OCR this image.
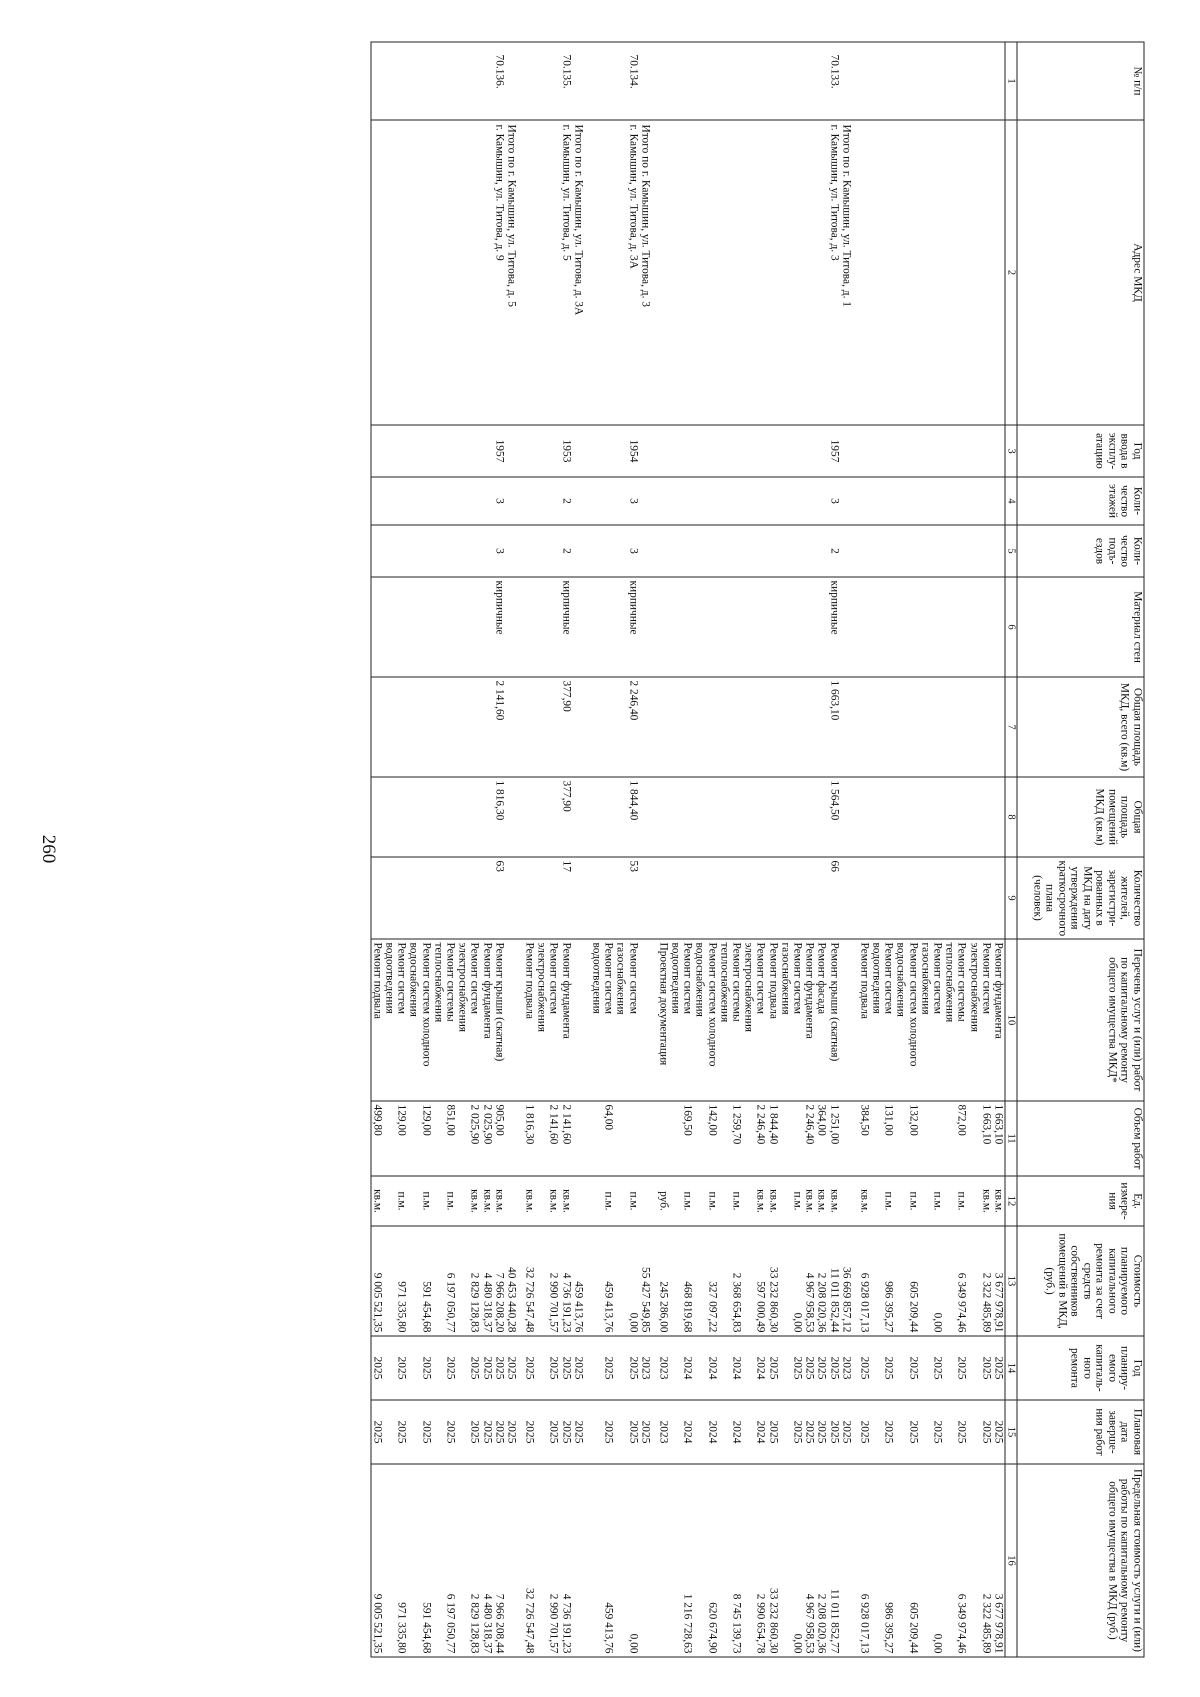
260
№ п/п	Адрес МКД	Год ввода в эксплу-атацию	Коли-чество этажей	Коли-чество подъ-ездов	Материал стен	Общая площадь МКД, всего (кв.м)	Общая площадь помещений МКД (кв.м)	Количество жителей, зарегистри-рованных в МКД на дату утверждения краткосрочного плана (человек)	Перечень услуг и (или) работ по капитальному ремонту общего имущества МКД*	Объем работ	Ед. измере-ния	Стоимость планируемого капитального ремонта за счет средств собственников помещений в МКД, (руб.)	Год планиру-емого капиталь-ного ремонта	Плановая дата заверше-ния работ	Предельная стоимость услуги и (или) работы по капитальному ремонту общего имущества в МКД (руб.)
1	2	3	4	5	6	7	8	9	10	11	12	13	14	15	16
									Ремонт фундамента	1 663,10	кв.м.	3 677 978,91	2025	2025	3 677 978,91
									Ремонт систем	1 663,10	кв.м.	2 322 485,89	2025	2025	2 322 485,89
									электроснабжения						
									Ремонт системы	872,00	п.м.	6 349 974,46	2025	2025	6 349 974,46
									теплоснабжения						
									Ремонт систем		п.м.	0,00	2025	2025	0,00
									газоснабжения						
									Ремонт систем холодного	132,00	п.м.	605 209,44	2025	2025	605 209,44
									водоснабжения						
									Ремонт систем	131,00	п.м.	986 395,27	2025	2025	986 395,27
									водоотведения						
									Ремонт подвала	384,50	кв.м.	6 928 017,13	2025	2025	6 928 017,13
	Итого по г. Камышин, ул. Титова, д. 1											36 669 857,12	2023	2025	
70.133.	г. Камышин, ул. Титова, д. 3	1957	3	2	кирпичные	1 663,10	1 564,50	66	Ремонт крыши (скатная)	1 251,00	кв.м.	11 011 852,44	2025	2025	11 011 852,77
									Ремонт фасада	364,00	кв.м.	2 208 020,36	2025	2025	2 208 020,36
									Ремонт фундамента	2 246,40	кв.м.	4 967 958,53	2025	2025	4 967 958,53
									Ремонт систем		п.м.	0,00	2025	2025	0,00
									газоснабжения						
									Ремонт подвала	1 844,40	кв.м.	33 232 860,30	2025	2025	33 232 860,30
									Ремонт систем	2 246,40	кв.м.	597 000,49	2024	2024	2 990 654,78
									электроснабжения						
									Ремонт системы	1 259,70	п.м.	2 368 654,83	2024	2024	8 745 139,73
									теплоснабжения						
									Ремонт систем холодного	142,00	п.м.	327 097,22	2024	2024	620 674,90
									водоснабжения						
									Ремонт систем	169,50	п.м.	468 819,68	2024	2024	1 216 728,63
									водоотведения						
									Проектная документация		руб.	245 286,00	2023	2023	
	Итого по г. Камышин, ул. Титова, д. 3											55 427 549,85	2023	2025	
70.134.	г. Камышин, ул. Титова, д. 3А	1954	3	3	кирпичные	2 246,40	1 844,40	53	Ремонт систем		п.м.	0,00	2025	2025	0,00
									газоснабжения						
									Ремонт систем	64,00	п.м.	459 413,76	2025	2025	459 413,76
									водоотведения						
	Итого по г. Камышин, ул. Титова, д. 3А											459 413,76	2025	2025	
70.135.	г. Камышин, ул. Титова, д. 5	1953	2	2	кирпичные	377,90	377,90	17	Ремонт фундамента	2 141,60	кв.м.	4 736 191,23	2025	2025	4 736 191,23
									Ремонт систем	2 141,60	кв.м.	2 990 701,57	2025	2025	2 990 701,57
									электроснабжения						
									Ремонт подвала	1 816,30	кв.м.	32 726 547,48	2025	2025	32 726 547,48
	Итого по г. Камышин, ул. Титова, д. 5											40 453 440,28	2025	2025	
70.136.	г. Камышин, ул. Титова, д. 9	1957	3	3	кирпичные	2 141,60	1 816,30	63	Ремонт крыши (скатная)	905,00	кв.м.	7 966 208,20	2025	2025	7 966 208,44
									Ремонт фундамента	2 025,90	кв.м.	4 480 318,37	2025	2025	4 480 318,37
									Ремонт систем	2 025,90	кв.м.	2 829 128,83	2025	2025	2 829 128,83
									электроснабжения						
									Ремонт системы	851,00	п.м.	6 197 050,77	2025	2025	6 197 050,77
									теплоснабжения						
									Ремонт систем холодного	129,00	п.м.	591 454,68	2025	2025	591 454,68
									водоснабжения						
									Ремонт систем	129,00	п.м.	971 335,80	2025	2025	971 335,80
									водоотведения						
									Ремонт подвала	499,80	кв.м.	9 005 521,35	2025	2025	9 005 521,35
